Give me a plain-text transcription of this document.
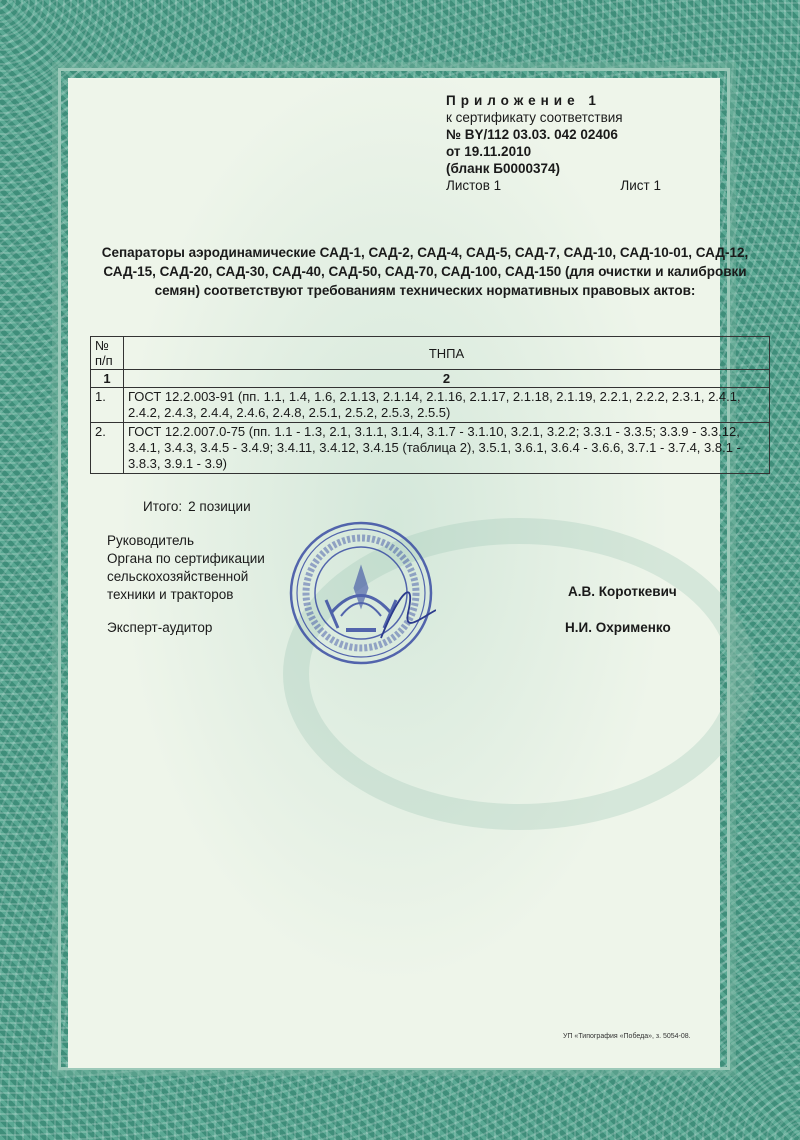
Приложение 1
к сертификату соответствия
№ BY/112 03.03. 042 02406
от 19.11.2010
(бланк Б0000374)
Листов 1	Лист 1
Сепараторы аэродинамические САД-1, САД-2, САД-4, САД-5, САД-7, САД-10, САД-10-01, САД-12, САД-15, САД-20, САД-30, САД-40, САД-50, САД-70, САД-100, САД-150 (для очистки и калибровки семян) соответствуют требованиям технических нормативных правовых актов:
№ п/п	ТНПА
1	2
1.	ГОСТ 12.2.003-91 (пп. 1.1, 1.4, 1.6, 2.1.13, 2.1.14, 2.1.16, 2.1.17, 2.1.18, 2.1.19, 2.2.1, 2.2.2, 2.3.1, 2.4.1, 2.4.2, 2.4.3, 2.4.4, 2.4.6, 2.4.8, 2.5.1, 2.5.2, 2.5.3, 2.5.5)
2.	ГОСТ 12.2.007.0-75 (пп. 1.1 - 1.3, 2.1, 3.1.1, 3.1.4, 3.1.7 - 3.1.10, 3.2.1, 3.2.2; 3.3.1 - 3.3.5; 3.3.9 - 3.3.12, 3.4.1, 3.4.3, 3.4.5 - 3.4.9; 3.4.11, 3.4.12, 3.4.15 (таблица 2), 3.5.1, 3.6.1, 3.6.4 - 3.6.6, 3.7.1 - 3.7.4, 3.8.1 - 3.8.3, 3.9.1 - 3.9)
Итого: 2 позиции
Руководитель
Органа по сертификации
сельскохозяйственной
техники и тракторов
Эксперт-аудитор
А.В. Короткевич
Н.И. Охрименко
УП «Типография «Победа», з. 5054-08.
